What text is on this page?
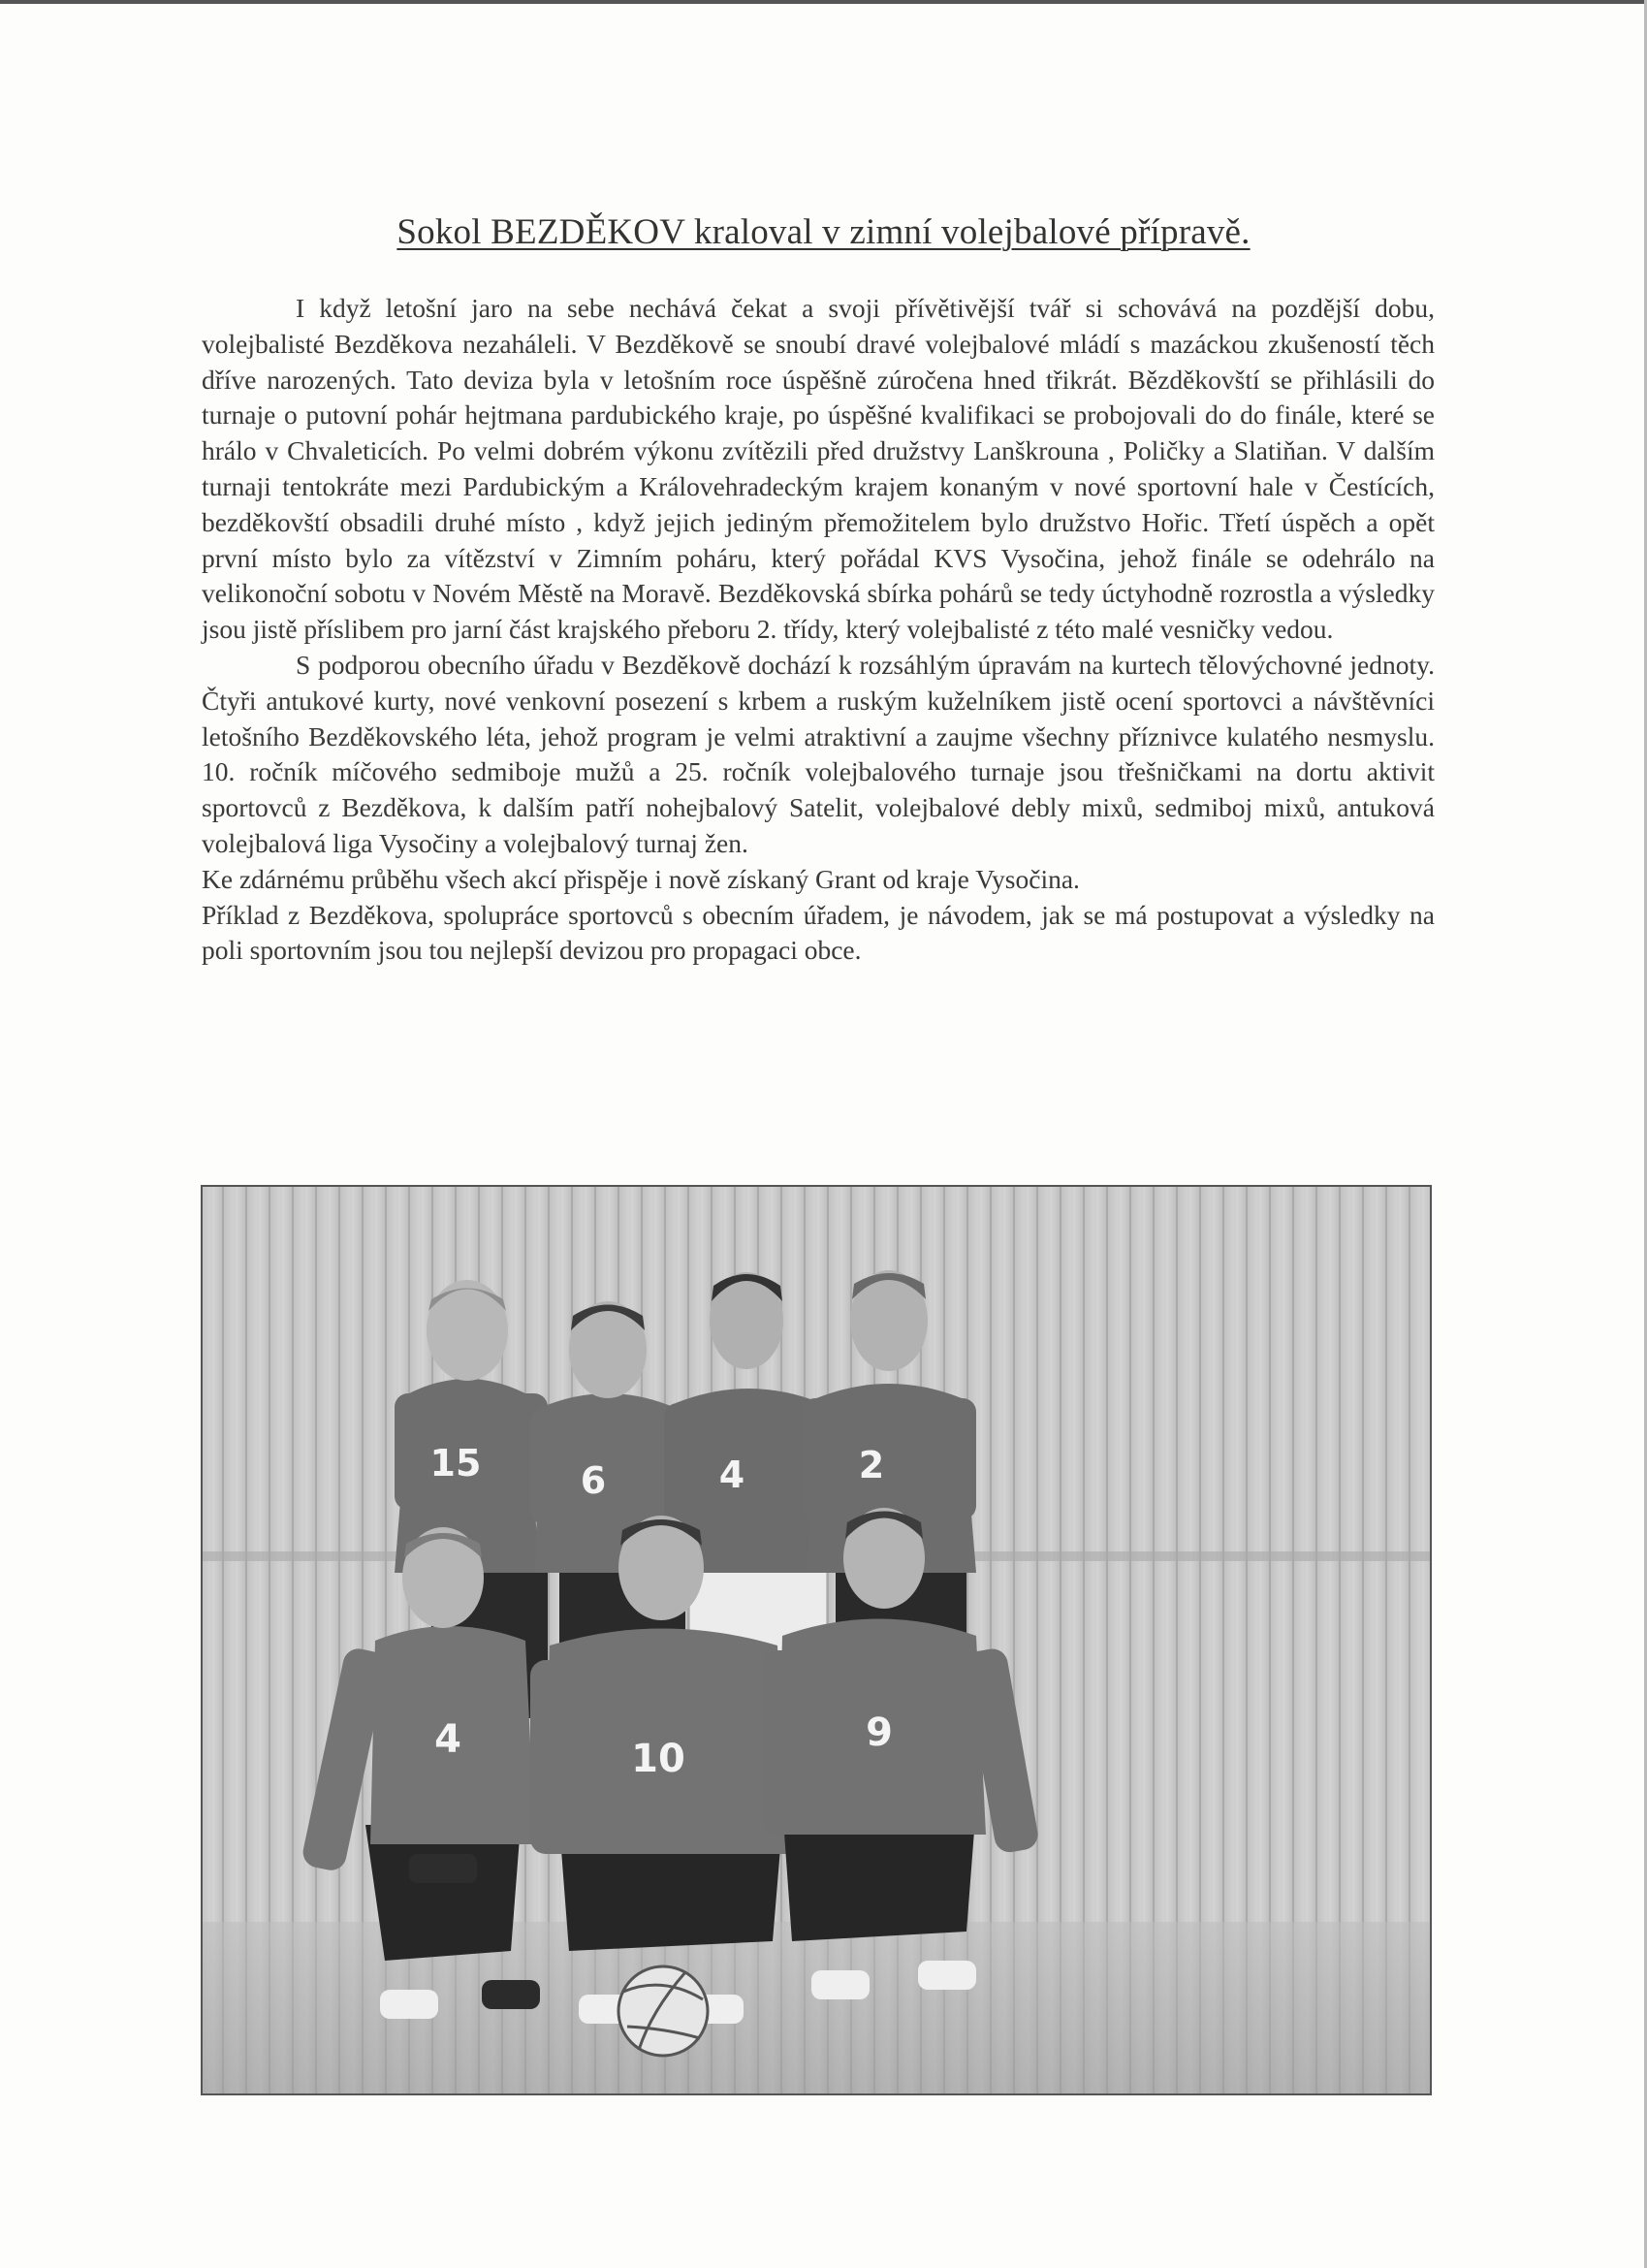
Sokol BEZDĚKOV kraloval v zimní volejbalové přípravě.

I když letošní jaro na sebe nechává čekat a svoji přívětivější tvář si schovává na pozdější dobu, volejbalisté Bezděkova nezaháleli. V Bezděkově se snoubí dravé volejbalové mládí s mazáckou zkušeností těch dříve narozených. Tato deviza byla v letošním roce úspěšně zúročena hned třikrát. Bězděkovští se přihlásili do turnaje o putovní pohár hejtmana pardubického kraje, po úspěšné kvalifikaci se probojovali do do finále, které se hrálo v Chvaleticích. Po velmi dobrém výkonu zvítězili před družstvy Lanškrouna , Poličky a Slatiňan. V dalším turnaji tentokráte mezi Pardubickým a Královehradeckým krajem konaným v nové sportovní hale v Čestících, bezděkovští obsadili druhé místo , když jejich jediným přemožitelem bylo družstvo Hořic. Třetí úspěch a opět první místo bylo za vítězství v Zimním poháru, který pořádal KVS Vysočina, jehož finále se odehrálo na velikonoční sobotu v Novém Městě na Moravě. Bezděkovská sbírka pohárů se tedy úctyhodně rozrostla a výsledky jsou jistě příslibem pro jarní část krajského přeboru 2. třídy, který volejbalisté z této malé vesničky vedou.

S podporou obecního úřadu v Bezděkově dochází k rozsáhlým úpravám na kurtech tělovýchovné jednoty. Čtyři antukové kurty, nové venkovní posezení s krbem a ruským kuželníkem jistě ocení sportovci a návštěvníci letošního Bezděkovského léta, jehož program je velmi atraktivní a zaujme všechny příznivce kulatého nesmyslu. 10. ročník míčového sedmiboje mužů a 25. ročník volejbalového turnaje jsou třešničkami na dortu aktivit sportovců z Bezděkova, k dalším patří nohejbalový Satelit, volejbalové debly mixů, sedmiboj mixů, antuková volejbalová liga Vysočiny a volejbalový turnaj žen.

Ke zdárnému průběhu všech akcí přispěje i nově získaný Grant od kraje Vysočina.

Příklad z Bezděkova, spolupráce sportovců s obecním úřadem, je návodem, jak se má postupovat a výsledky na poli sportovním jsou tou nejlepší devizou pro propagaci obce.

15	6	4	2
4	10
9
